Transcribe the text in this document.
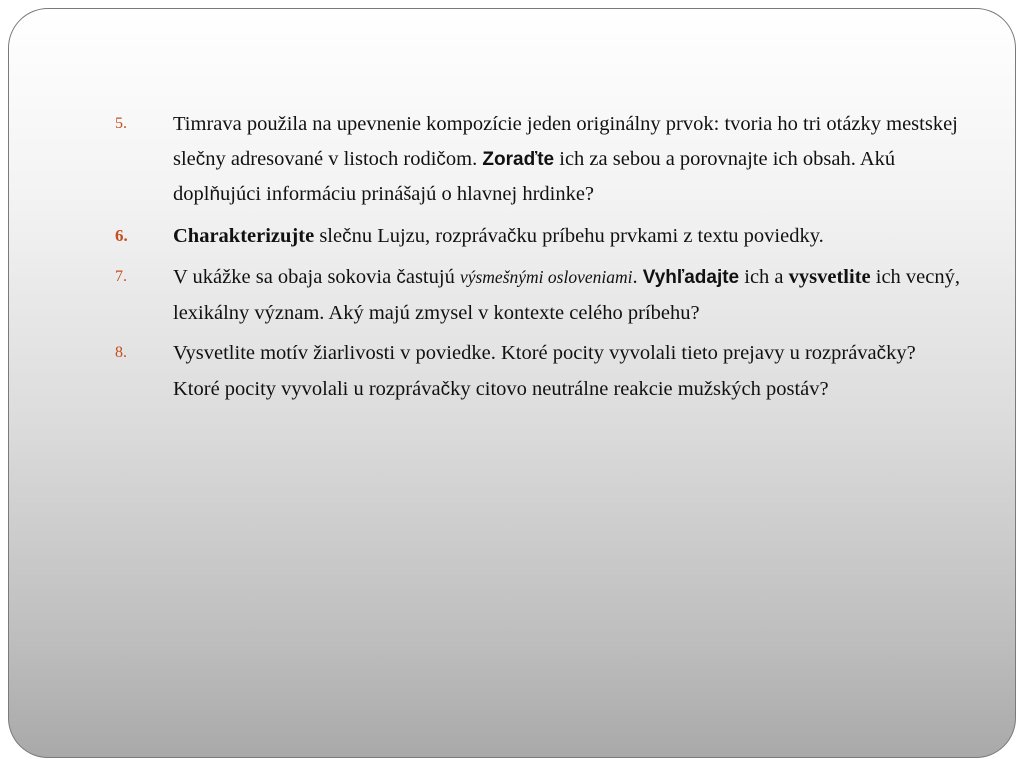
5. Timrava použila na upevnenie kompozície jeden originálny prvok: tvoria ho tri otázky mestskej slečny adresované v listoch rodičom. Zoraďte ich za sebou a porovnajte ich obsah. Akú doplňujúci informáciu prinášajú o hlavnej hrdinke?
6. Charakterizujte slečnu Lujzu, rozprávačku príbehu prvkami z textu poviedky.
7. V ukážke sa obaja sokovia častujú výsmešnými osloveniami. Vyhľadajte ich a vysvetlite ich vecný, lexikálny význam. Aký majú zmysel v kontexte celého príbehu?
8. Vysvetlite motív žiarlivosti v poviedke. Ktoré pocity vyvolali tieto prejavy u rozprávačky? Ktoré pocity vyvolali u rozprávačky citovo neutrálne reakcie mužských postáv?
